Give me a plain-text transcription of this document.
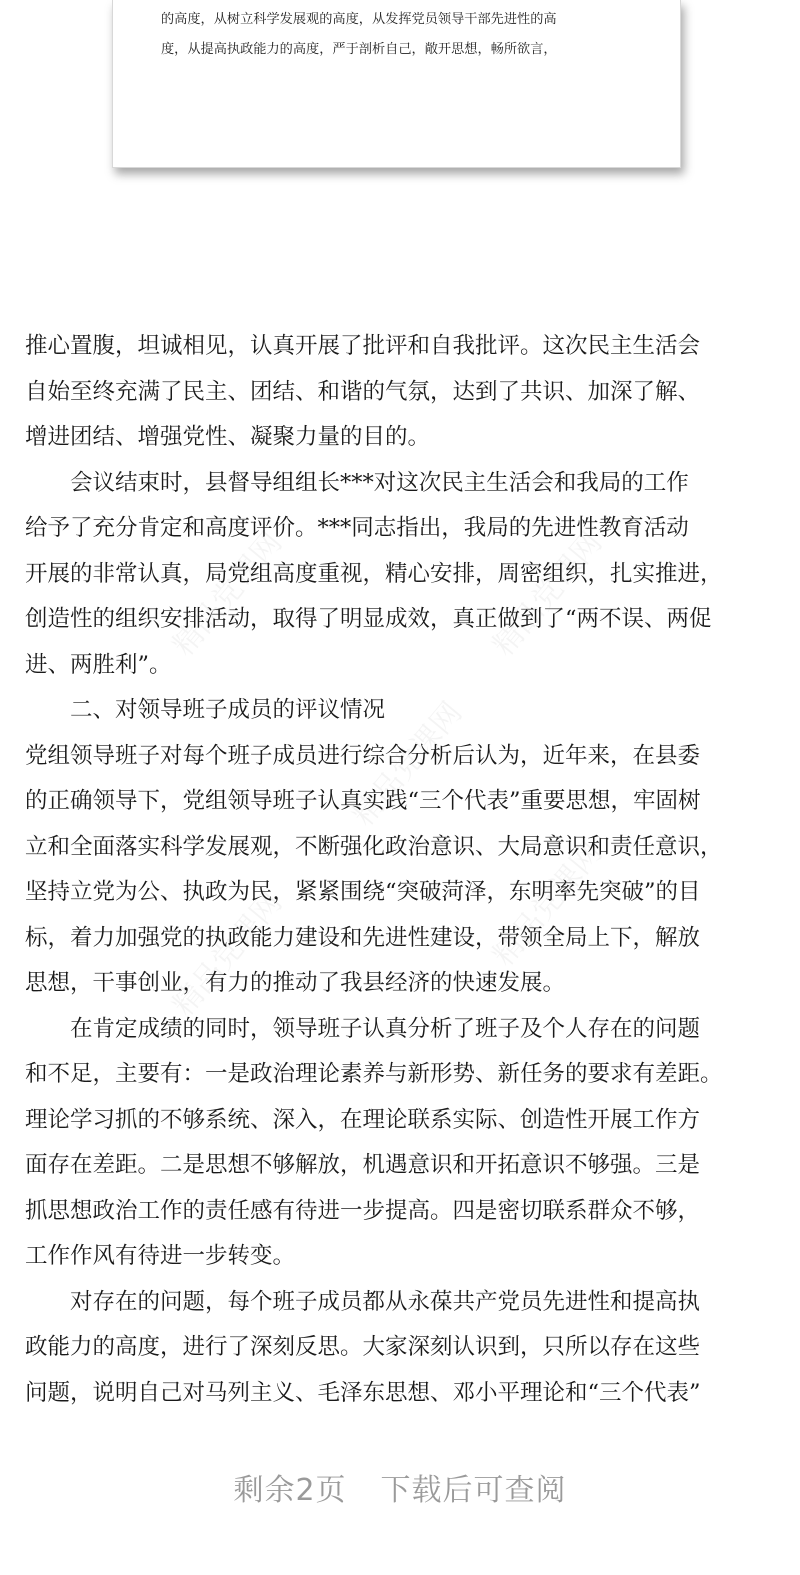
的高度，从树立科学发展观的高度，从发挥党员领导干部先进性的高
度，从提高执政能力的高度，严于剖析自己，敞开思想，畅所欲言，
推心置腹，坦诚相见，认真开展了批评和自我批评。这次民主生活会
自始至终充满了民主、团结、和谐的气氛，达到了共识、加深了解、
增进团结、增强党性、凝聚力量的目的。
　　会议结束时，县督导组组长***对这次民主生活会和我局的工作
给予了充分肯定和高度评价。***同志指出，我局的先进性教育活动
开展的非常认真，局党组高度重视，精心安排，周密组织，扎实推进，
创造性的组织安排活动，取得了明显成效，真正做到了“两不误、两促
进、两胜利”。
　　二、对领导班子成员的评议情况
党组领导班子对每个班子成员进行综合分析后认为，近年来，在县委
的正确领导下，党组领导班子认真实践“三个代表”重要思想，牢固树
立和全面落实科学发展观，不断强化政治意识、大局意识和责任意识，
坚持立党为公、执政为民，紧紧围绕“突破菏泽，东明率先突破”的目
标，着力加强党的执政能力建设和先进性建设，带领全局上下，解放
思想，干事创业，有力的推动了我县经济的快速发展。
　　在肯定成绩的同时，领导班子认真分析了班子及个人存在的问题
和不足，主要有：一是政治理论素养与新形势、新任务的要求有差距。
理论学习抓的不够系统、深入，在理论联系实际、创造性开展工作方
面存在差距。二是思想不够解放，机遇意识和开拓意识不够强。三是
抓思想政治工作的责任感有待进一步提高。四是密切联系群众不够，
工作作风有待进一步转变。
　　对存在的问题，每个班子成员都从永葆共产党员先进性和提高执
政能力的高度，进行了深刻反思。大家深刻认识到，只所以存在这些
问题，说明自己对马列主义、毛泽东思想、邓小平理论和“三个代表”
剩余2页 下载后可查阅
